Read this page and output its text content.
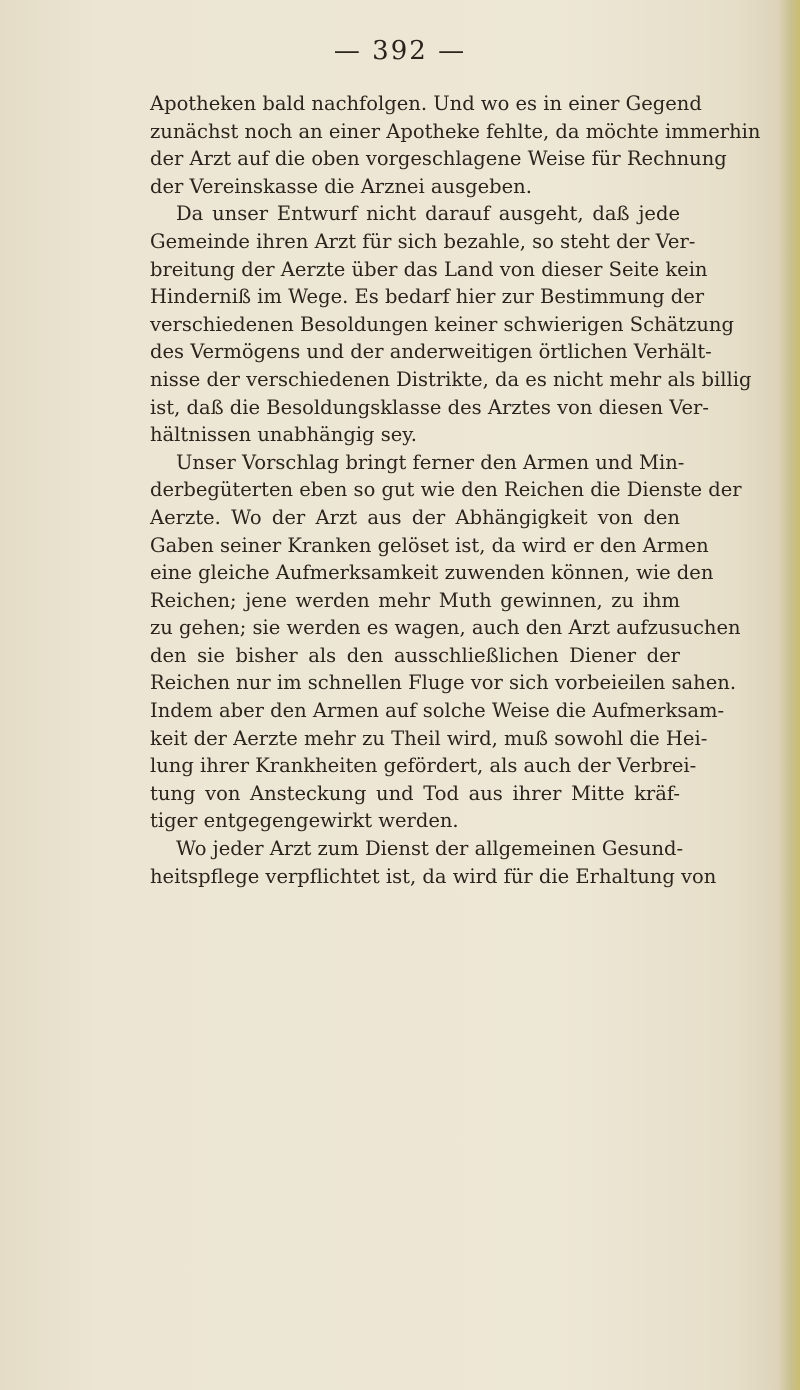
— 392 —
Apotheken bald nachfolgen. Und wo es in einer Gegend
zunächst noch an einer Apotheke fehlte, da möchte immerhin
der Arzt auf die oben vorgeschlagene Weise für Rechnung
der Vereinskasse die Arznei ausgeben.
Da unser Entwurf nicht darauf ausgeht, daß jede
Gemeinde ihren Arzt für sich bezahle, so steht der Ver-
breitung der Aerzte über das Land von dieser Seite kein
Hinderniß im Wege. Es bedarf hier zur Bestimmung der
verschiedenen Besoldungen keiner schwierigen Schätzung
des Vermögens und der anderweitigen örtlichen Verhält-
nisse der verschiedenen Distrikte, da es nicht mehr als billig
ist, daß die Besoldungsklasse des Arztes von diesen Ver-
hältnissen unabhängig sey.
Unser Vorschlag bringt ferner den Armen und Min-
derbegüterten eben so gut wie den Reichen die Dienste der
Aerzte. Wo der Arzt aus der Abhängigkeit von den
Gaben seiner Kranken gelöset ist, da wird er den Armen
eine gleiche Aufmerksamkeit zuwenden können, wie den
Reichen; jene werden mehr Muth gewinnen, zu ihm
zu gehen; sie werden es wagen, auch den Arzt aufzusuchen
den sie bisher als den ausschließlichen Diener der
Reichen nur im schnellen Fluge vor sich vorbeieilen sahen.
Indem aber den Armen auf solche Weise die Aufmerksam-
keit der Aerzte mehr zu Theil wird, muß sowohl die Hei-
lung ihrer Krankheiten gefördert, als auch der Verbrei-
tung von Ansteckung und Tod aus ihrer Mitte kräf-
tiger entgegengewirkt werden.
Wo jeder Arzt zum Dienst der allgemeinen Gesund-
heitspflege verpflichtet ist, da wird für die Erhaltung von
